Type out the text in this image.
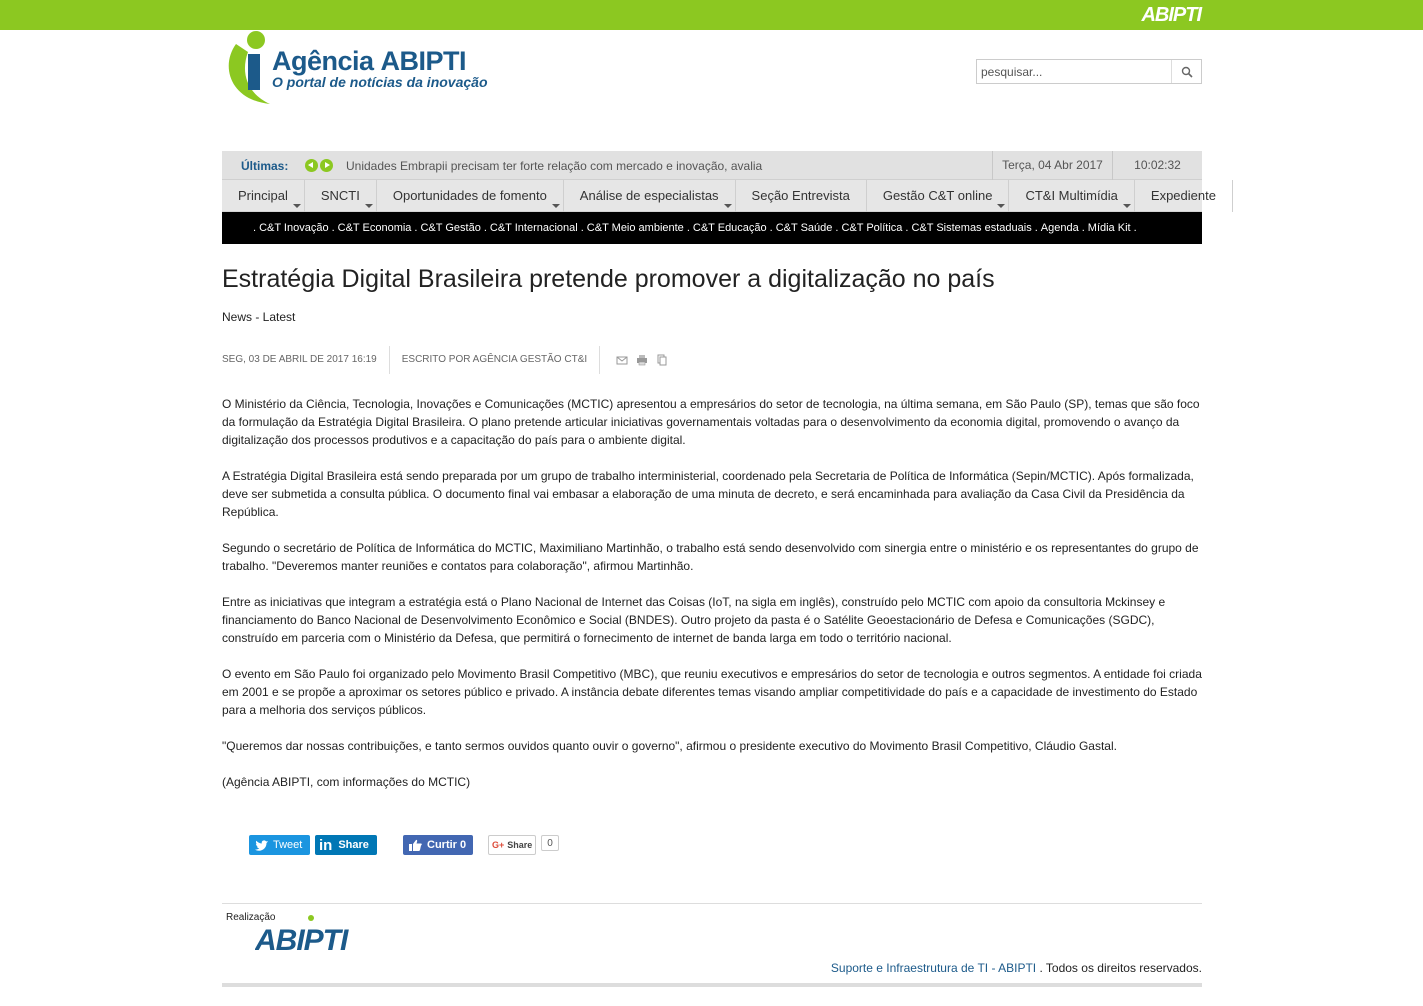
ABIPTI
Agência ABIPTI
O portal de notícias da inovação
pesquisar...
Últimas:	Unidades Embrapii precisam ter forte relação com mercado e inovação, avalia	Terça, 04 Abr 2017	10:02:32
Principal	SNCTI	Oportunidades de fomento	Análise de especialistas	Seção Entrevista	Gestão C&T online	CT&I Multimídia	Expediente
. C&T Inovação . C&T Economia . C&T Gestão . C&T Internacional . C&T Meio ambiente . C&T Educação . C&T Saúde . C&T Política . C&T Sistemas estaduais . Agenda . Mídia Kit .
Estratégia Digital Brasileira pretende promover a digitalização no país
News - Latest
SEG, 03 DE ABRIL DE 2017 16:19	ESCRITO POR AGÊNCIA GESTÃO CT&I

O Ministério da Ciência, Tecnologia, Inovações e Comunicações (MCTIC) apresentou a empresários do setor de tecnologia, na última semana, em São Paulo (SP), temas que são foco da formulação da Estratégia Digital Brasileira. O plano pretende articular iniciativas governamentais voltadas para o desenvolvimento da economia digital, promovendo o avanço da digitalização dos processos produtivos e a capacitação do país para o ambiente digital.

A Estratégia Digital Brasileira está sendo preparada por um grupo de trabalho interministerial, coordenado pela Secretaria de Política de Informática (Sepin/MCTIC). Após formalizada, deve ser submetida a consulta pública. O documento final vai embasar a elaboração de uma minuta de decreto, e será encaminhada para avaliação da Casa Civil da Presidência da República.

Segundo o secretário de Política de Informática do MCTIC, Maximiliano Martinhão, o trabalho está sendo desenvolvido com sinergia entre o ministério e os representantes do grupo de trabalho. "Deveremos manter reuniões e contatos para colaboração", afirmou Martinhão.

Entre as iniciativas que integram a estratégia está o Plano Nacional de Internet das Coisas (IoT, na sigla em inglês), construído pelo MCTIC com apoio da consultoria Mckinsey e financiamento do Banco Nacional de Desenvolvimento Econômico e Social (BNDES). Outro projeto da pasta é o Satélite Geoestacionário de Defesa e Comunicações (SGDC), construído em parceria com o Ministério da Defesa, que permitirá o fornecimento de internet de banda larga em todo o território nacional.

O evento em São Paulo foi organizado pelo Movimento Brasil Competitivo (MBC), que reuniu executivos e empresários do setor de tecnologia e outros segmentos. A entidade foi criada em 2001 e se propõe a aproximar os setores público e privado. A instância debate diferentes temas visando ampliar competitividade do país e a capacidade de investimento do Estado para a melhoria dos serviços públicos.

"Queremos dar nossas contribuições, e tanto sermos ouvidos quanto ouvir o governo", afirmou o presidente executivo do Movimento Brasil Competitivo, Cláudio Gastal.

(Agência ABIPTI, com informações do MCTIC)

Tweet in Share	Curtir 0	G+ Share	0
Realização
ABIPTI
Suporte e Infraestrutura de TI - ABIPTI . Todos os direitos reservados.
